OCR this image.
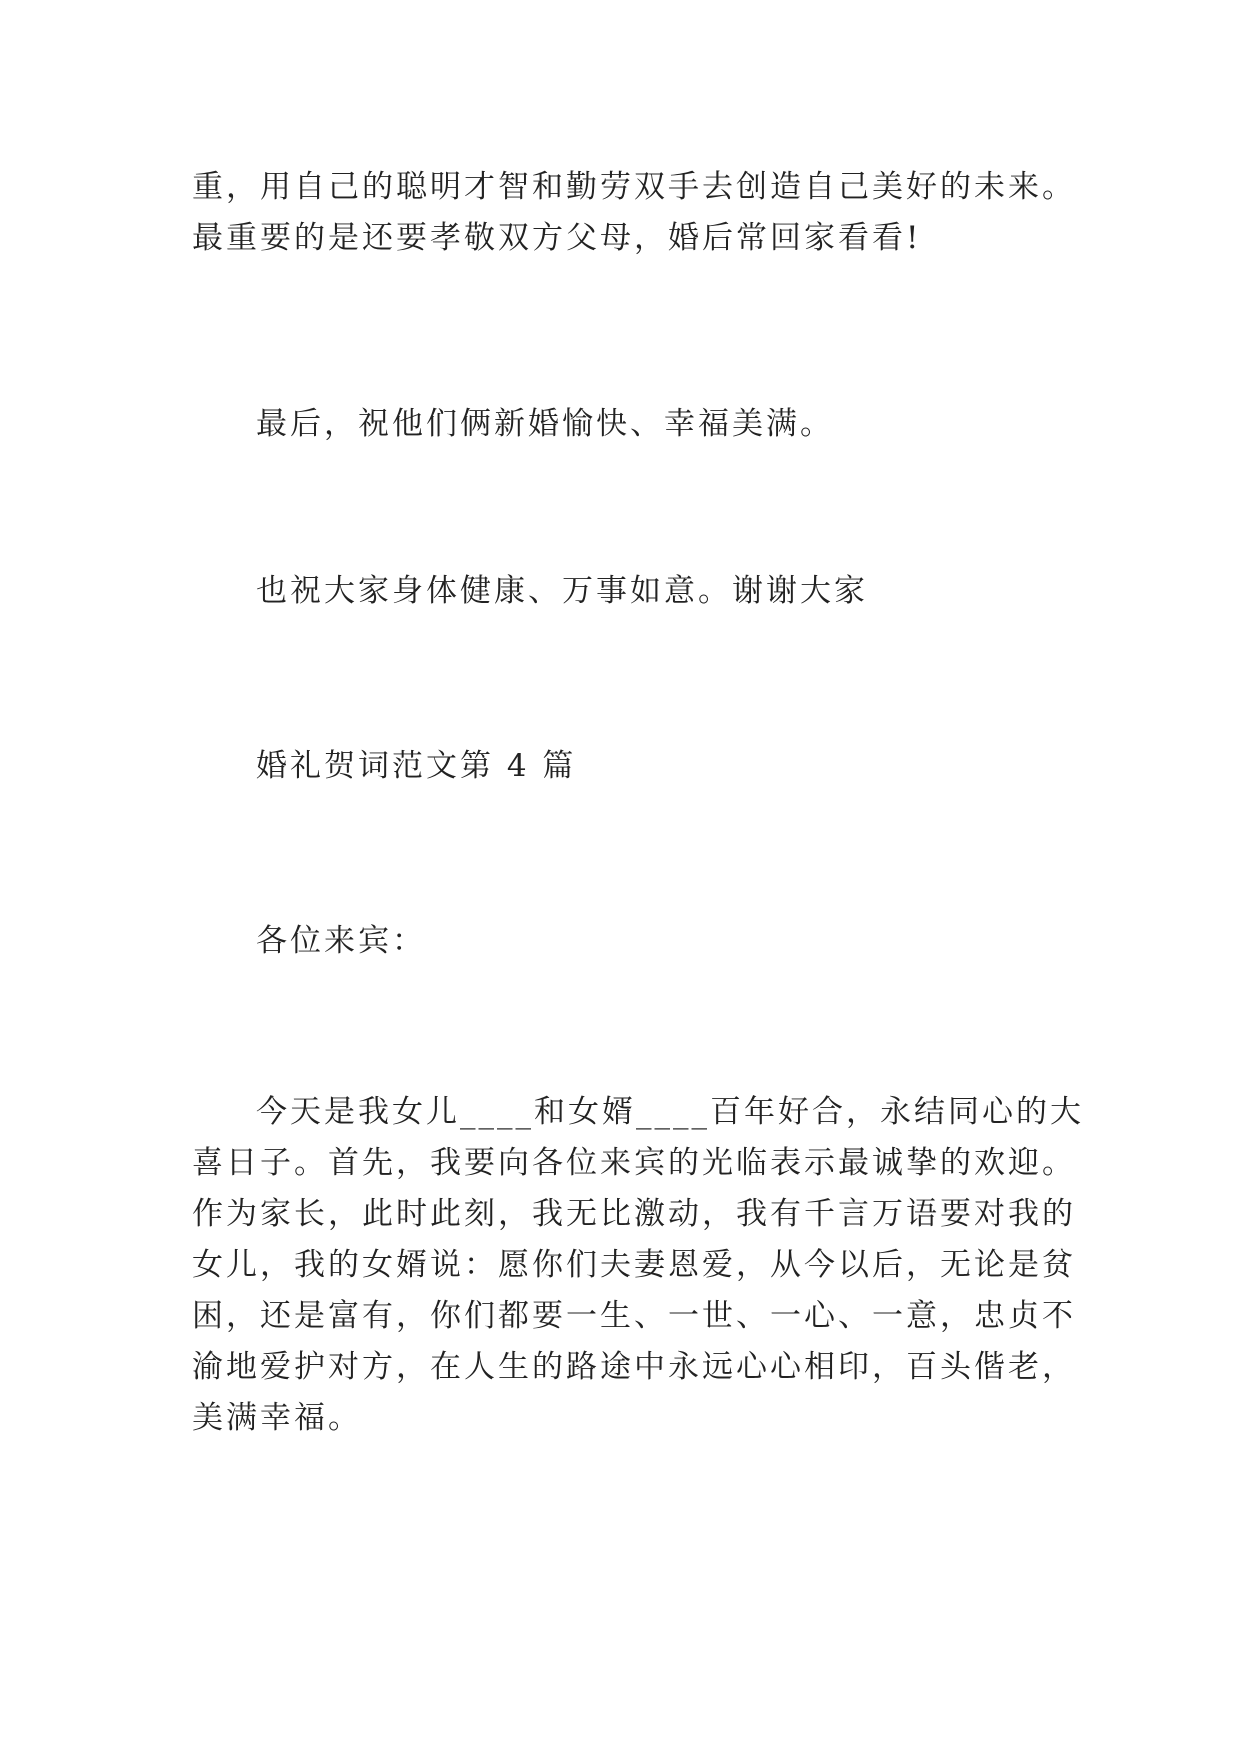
重，用自己的聪明才智和勤劳双手去创造自己美好的未来。
最重要的是还要孝敬双方父母，婚后常回家看看!

最后，祝他们俩新婚愉快、幸福美满。

也祝大家身体健康、万事如意。谢谢大家

婚礼贺词范文第 4 篇

各位来宾：

今天是我女儿____和女婿____百年好合，永结同心的大
喜日子。首先，我要向各位来宾的光临表示最诚挚的欢迎。
作为家长，此时此刻，我无比激动，我有千言万语要对我的
女儿，我的女婿说：愿你们夫妻恩爱，从今以后，无论是贫
困，还是富有，你们都要一生、一世、一心、一意，忠贞不
渝地爱护对方，在人生的路途中永远心心相印，百头偕老，
美满幸福。
